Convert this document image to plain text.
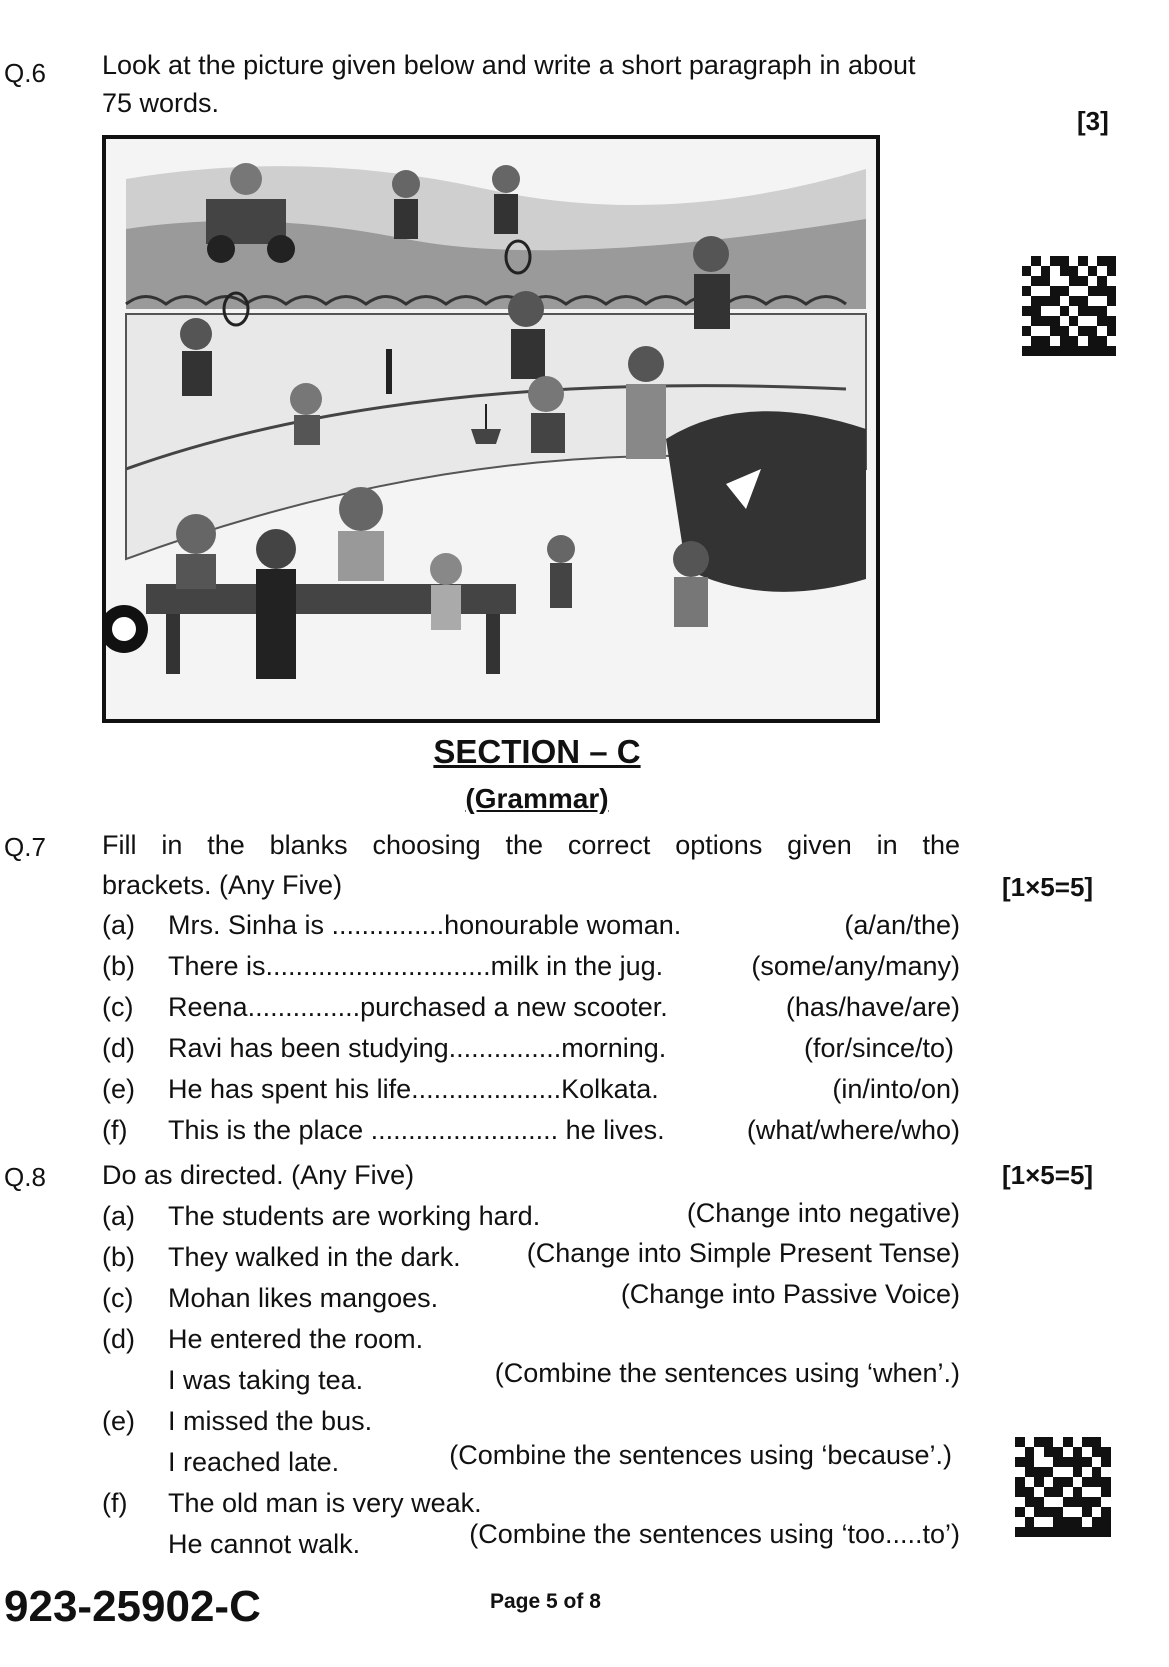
Q.6 Look at the picture given below and write a short paragraph in about
75 words.
[3]
SECTION – C
(Grammar)
Q.7 Fill in the blanks choosing the correct options given in the
brackets. (Any Five)	[1×5=5]
(a)	Mrs. Sinha is ...............honourable woman.	(a/an/the)
(b)	There is..............................milk in the jug.	(some/any/many)
(c)	Reena...............purchased a new scooter.	(has/have/are)
(d)	Ravi has been studying...............morning.	(for/since/to)
(e)	He has spent his life....................Kolkata.	(in/into/on)
(f)	This is the place ......................... he lives.	(what/where/who)
Q.8 Do as directed. (Any Five)	[1×5=5]
(a) The students are working hard.	(Change into negative)
(b) They walked in the dark. (Change into Simple Present Tense)
(c) Mohan likes mangoes.	(Change into Passive Voice)
(d) He entered the room.
I was taking tea.	(Combine the sentences using ‘when’.)
(e) I missed the bus.
I reached late.	(Combine the sentences using ‘because’.)
(f) The old man is very weak.
He cannot walk.	(Combine the sentences using ‘too.....to’)
923-25902-C	Page 5 of 8
